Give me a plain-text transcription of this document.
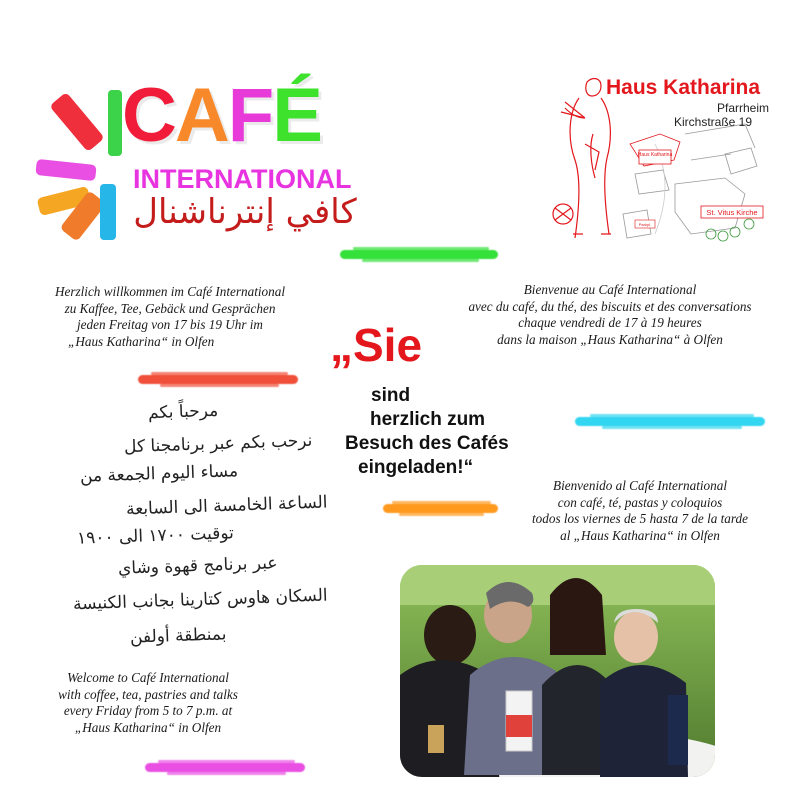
CAFÉ
INTERNATIONAL
كافي إنترناشنال
Haus Katharina
St. Vitus Kirche
Parkpl.
Haus Katharina
Pfarrheim
Kirchstraße 19

Herzlich willkommen im Café International

zu Kaffee, Tee, Gebäck und Gesprächen

jeden Freitag von 17 bis 19 Uhr im

„Haus Katharina“ in Olfen

Bienvenue au Café International

avec du café, du thé, des biscuits et des conversations

chaque vendredi de 17 à 19 heures

dans la maison „Haus Katharina“ à Olfen

„Sie
sind
herzlich zum
Besuch des Cafés
eingeladen!“
مرحباً بكم
نرحب بكم عبر برنامجنا كل
مساء اليوم الجمعة من
الساعة الخامسة الى السابعة
توقيت ١٧٠٠ الى ١٩٠٠
عبر برنامج قهوة وشاي
السكان هاوس كتارينا بجانب الكنيسة
بمنطقة أولفن

Bienvenido al Café International

con café, té, pastas y coloquios

todos los viernes de 5 hasta 7 de la tarde

al „Haus Katharina“ in Olfen

Welcome to Café International

with coffee, tea, pastries and talks

every Friday from 5 to 7 p.m. at

„Haus Katharina“ in Olfen
